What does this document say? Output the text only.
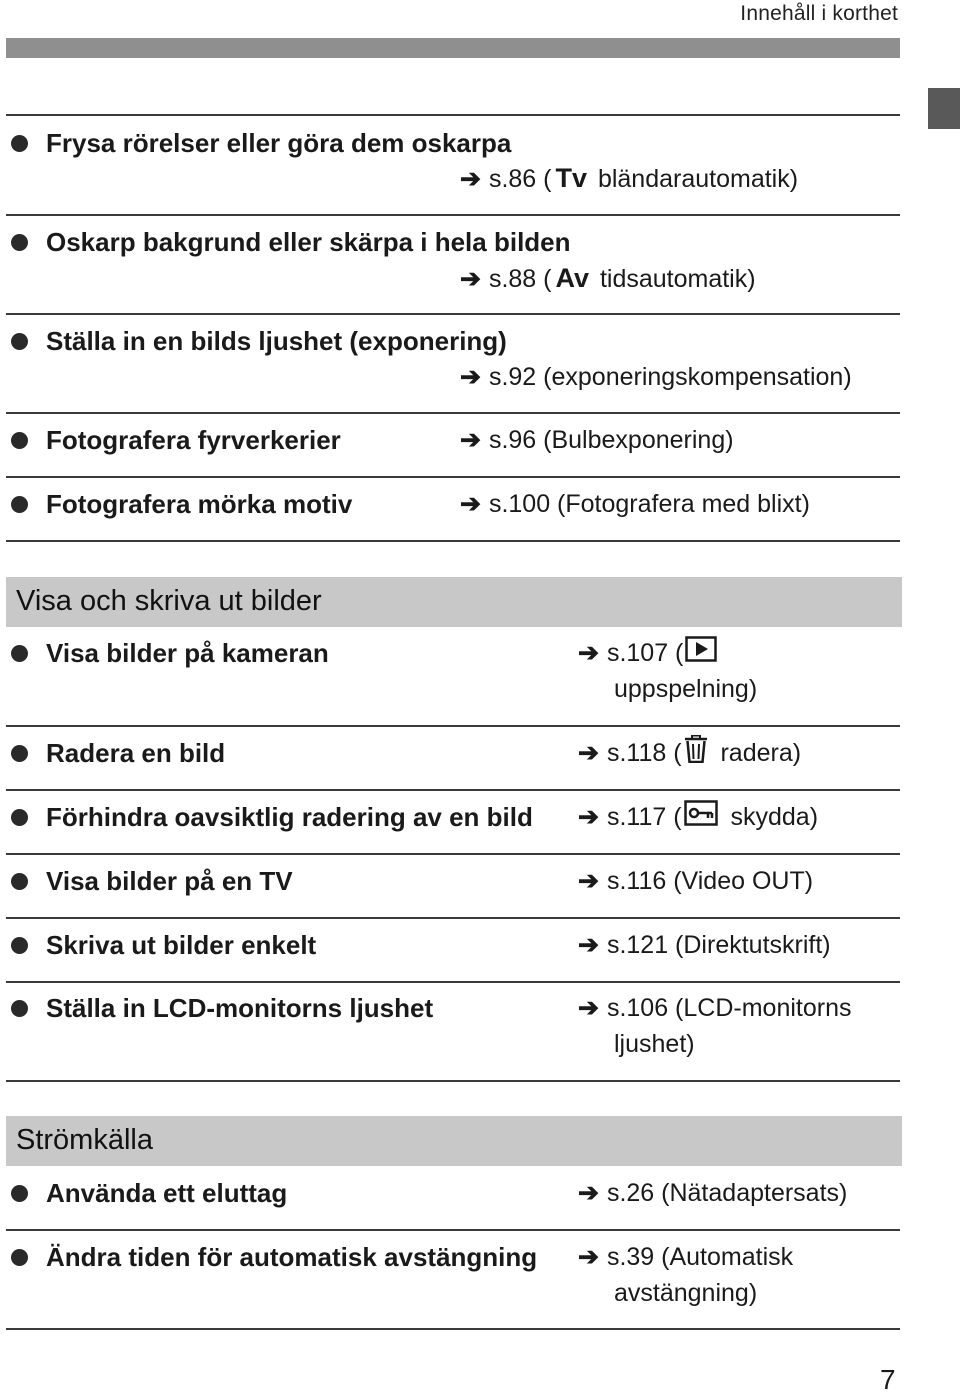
Innehåll i korthet
Frysa rörelser eller göra dem oskarpa
➔ s.86 ( Tv bländarautomatik)
Oskarp bakgrund eller skärpa i hela bilden
➔ s.88 ( Av tidsautomatik)
Ställa in en bilds ljushet (exponering)
➔ s.92 (exponeringskompensation)
Fotografera fyrverkerier	➔ s.96 (Bulbexponering)
Fotografera mörka motiv	➔ s.100 (Fotografera med blixt)
Visa och skriva ut bilder
Visa bilder på kameran	➔ s.107 (
uppspelning)
Radera en bild	➔ s.118 ( radera)
Förhindra oavsiktlig radering av en bild ➔ s.117 ( skydda)
Visa bilder på en TV	➔ s.116 (Video OUT)
Skriva ut bilder enkelt	➔ s.121 (Direktutskrift)
Ställa in LCD-monitorns ljushet	➔ s.106 (LCD-monitorns
ljushet)
Strömkälla
Använda ett eluttag	➔ s.26 (Nätadaptersats)
Ändra tiden för automatisk avstängning ➔ s.39 (Automatisk
avstängning)
7
